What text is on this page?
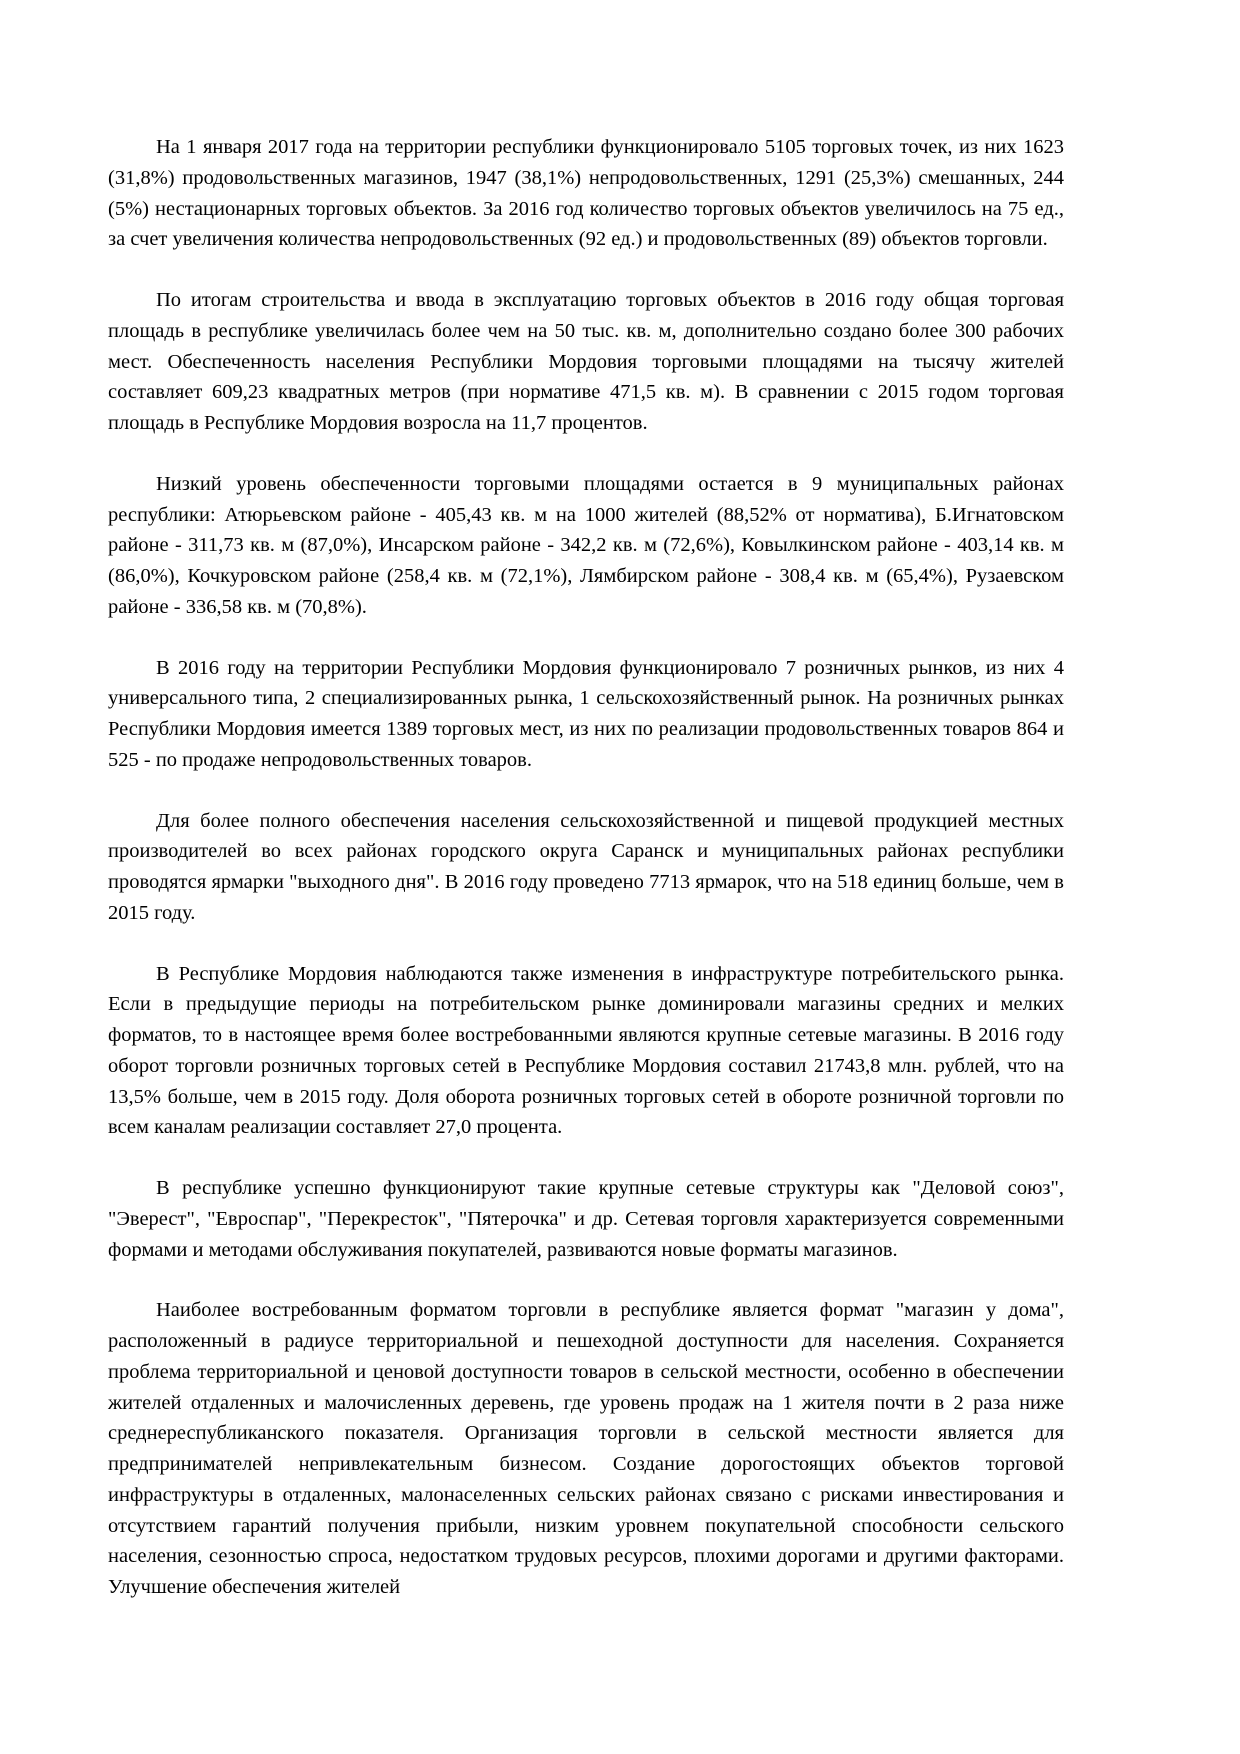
На 1 января 2017 года на территории республики функционировало 5105 торговых точек, из них 1623 (31,8%) продовольственных магазинов, 1947 (38,1%) непродовольственных, 1291 (25,3%) смешанных, 244 (5%) нестационарных торговых объектов. За 2016 год количество торговых объектов увеличилось на 75 ед., за счет увеличения количества непродовольственных (92 ед.) и продовольственных (89) объектов торговли.

По итогам строительства и ввода в эксплуатацию торговых объектов в 2016 году общая торговая площадь в республике увеличилась более чем на 50 тыс. кв. м, дополнительно создано более 300 рабочих мест. Обеспеченность населения Республики Мордовия торговыми площадями на тысячу жителей составляет 609,23 квадратных метров (при нормативе 471,5 кв. м). В сравнении с 2015 годом торговая площадь в Республике Мордовия возросла на 11,7 процентов.

Низкий уровень обеспеченности торговыми площадями остается в 9 муниципальных районах республики: Атюрьевском районе - 405,43 кв. м на 1000 жителей (88,52% от норматива), Б.Игнатовском районе - 311,73 кв. м (87,0%), Инсарском районе - 342,2 кв. м (72,6%), Ковылкинском районе - 403,14 кв. м (86,0%), Кочкуровском районе (258,4 кв. м (72,1%), Лямбирском районе - 308,4 кв. м (65,4%), Рузаевском районе - 336,58 кв. м (70,8%).

В 2016 году на территории Республики Мордовия функционировало 7 розничных рынков, из них 4 универсального типа, 2 специализированных рынка, 1 сельскохозяйственный рынок. На розничных рынках Республики Мордовия имеется 1389 торговых мест, из них по реализации продовольственных товаров 864 и 525 - по продаже непродовольственных товаров.

Для более полного обеспечения населения сельскохозяйственной и пищевой продукцией местных производителей во всех районах городского округа Саранск и муниципальных районах республики проводятся ярмарки "выходного дня". В 2016 году проведено 7713 ярмарок, что на 518 единиц больше, чем в 2015 году.

В Республике Мордовия наблюдаются также изменения в инфраструктуре потребительского рынка. Если в предыдущие периоды на потребительском рынке доминировали магазины средних и мелких форматов, то в настоящее время более востребованными являются крупные сетевые магазины. В 2016 году оборот торговли розничных торговых сетей в Республике Мордовия составил 21743,8 млн. рублей, что на 13,5% больше, чем в 2015 году. Доля оборота розничных торговых сетей в обороте розничной торговли по всем каналам реализации составляет 27,0 процента.

В республике успешно функционируют такие крупные сетевые структуры как "Деловой союз", "Эверест", "Евроспар", "Перекресток", "Пятерочка" и др. Сетевая торговля характеризуется современными формами и методами обслуживания покупателей, развиваются новые форматы магазинов.

Наиболее востребованным форматом торговли в республике является формат "магазин у дома", расположенный в радиусе территориальной и пешеходной доступности для населения. Сохраняется проблема территориальной и ценовой доступности товаров в сельской местности, особенно в обеспечении жителей отдаленных и малочисленных деревень, где уровень продаж на 1 жителя почти в 2 раза ниже среднереспубликанского показателя. Организация торговли в сельской местности является для предпринимателей непривлекательным бизнесом. Создание дорогостоящих объектов торговой инфраструктуры в отдаленных, малонаселенных сельских районах связано с рисками инвестирования и отсутствием гарантий получения прибыли, низким уровнем покупательной способности сельского населения, сезонностью спроса, недостатком трудовых ресурсов, плохими дорогами и другими факторами. Улучшение обеспечения жителей
